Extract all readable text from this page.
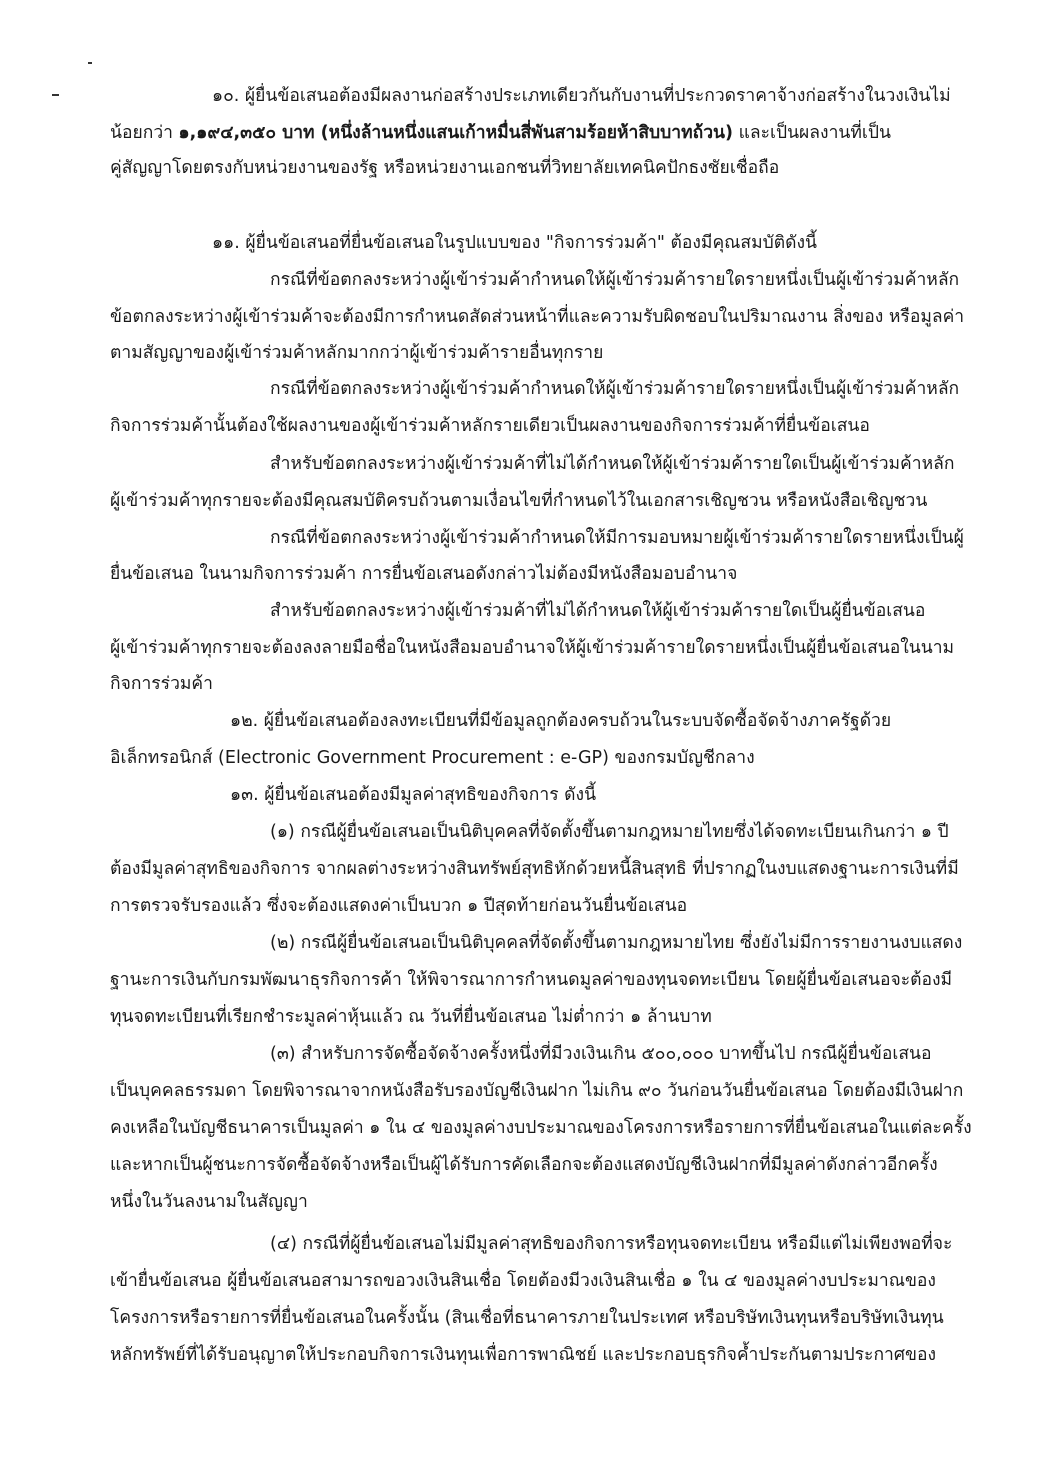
๑๐. ผู้ยื่นข้อเสนอต้องมีผลงานก่อสร้างประเภทเดียวกันกับงานที่ประกวดราคาจ้างก่อสร้างในวงเงินไม่
น้อยกว่า ๑,๑๙๔,๓๕๐ บาท (หนึ่งล้านหนึ่งแสนเก้าหมื่นสี่พันสามร้อยห้าสิบบาทถ้วน) และเป็นผลงานที่เป็น
คู่สัญญาโดยตรงกับหน่วยงานของรัฐ หรือหน่วยงานเอกชนที่วิทยาลัยเทคนิคปักธงชัยเชื่อถือ
๑๑. ผู้ยื่นข้อเสนอที่ยื่นข้อเสนอในรูปแบบของ "กิจการร่วมค้า" ต้องมีคุณสมบัติดังนี้
กรณีที่ข้อตกลงระหว่างผู้เข้าร่วมค้ากำหนดให้ผู้เข้าร่วมค้ารายใดรายหนึ่งเป็นผู้เข้าร่วมค้าหลัก
ข้อตกลงระหว่างผู้เข้าร่วมค้าจะต้องมีการกำหนดสัดส่วนหน้าที่และความรับผิดชอบในปริมาณงาน สิ่งของ หรือมูลค่า
ตามสัญญาของผู้เข้าร่วมค้าหลักมากกว่าผู้เข้าร่วมค้ารายอื่นทุกราย
กรณีที่ข้อตกลงระหว่างผู้เข้าร่วมค้ากำหนดให้ผู้เข้าร่วมค้ารายใดรายหนึ่งเป็นผู้เข้าร่วมค้าหลัก
กิจการร่วมค้านั้นต้องใช้ผลงานของผู้เข้าร่วมค้าหลักรายเดียวเป็นผลงานของกิจการร่วมค้าที่ยื่นข้อเสนอ
สำหรับข้อตกลงระหว่างผู้เข้าร่วมค้าที่ไม่ได้กำหนดให้ผู้เข้าร่วมค้ารายใดเป็นผู้เข้าร่วมค้าหลัก
ผู้เข้าร่วมค้าทุกรายจะต้องมีคุณสมบัติครบถ้วนตามเงื่อนไขที่กำหนดไว้ในเอกสารเชิญชวน หรือหนังสือเชิญชวน
กรณีที่ข้อตกลงระหว่างผู้เข้าร่วมค้ากำหนดให้มีการมอบหมายผู้เข้าร่วมค้ารายใดรายหนึ่งเป็นผู้
ยื่นข้อเสนอ ในนามกิจการร่วมค้า การยื่นข้อเสนอดังกล่าวไม่ต้องมีหนังสือมอบอำนาจ
สำหรับข้อตกลงระหว่างผู้เข้าร่วมค้าที่ไม่ได้กำหนดให้ผู้เข้าร่วมค้ารายใดเป็นผู้ยื่นข้อเสนอ
ผู้เข้าร่วมค้าทุกรายจะต้องลงลายมือชื่อในหนังสือมอบอำนาจให้ผู้เข้าร่วมค้ารายใดรายหนึ่งเป็นผู้ยื่นข้อเสนอในนาม
กิจการร่วมค้า
๑๒. ผู้ยื่นข้อเสนอต้องลงทะเบียนที่มีข้อมูลถูกต้องครบถ้วนในระบบจัดซื้อจัดจ้างภาครัฐด้วย
อิเล็กทรอนิกส์ (Electronic Government Procurement : e-GP) ของกรมบัญชีกลาง
๑๓. ผู้ยื่นข้อเสนอต้องมีมูลค่าสุทธิของกิจการ ดังนี้
(๑) กรณีผู้ยื่นข้อเสนอเป็นนิติบุคคลที่จัดตั้งขึ้นตามกฎหมายไทยซึ่งได้จดทะเบียนเกินกว่า ๑ ปี
ต้องมีมูลค่าสุทธิของกิจการ จากผลต่างระหว่างสินทรัพย์สุทธิหักด้วยหนี้สินสุทธิ ที่ปรากฏในงบแสดงฐานะการเงินที่มี
การตรวจรับรองแล้ว ซึ่งจะต้องแสดงค่าเป็นบวก ๑ ปีสุดท้ายก่อนวันยื่นข้อเสนอ
(๒) กรณีผู้ยื่นข้อเสนอเป็นนิติบุคคลที่จัดตั้งขึ้นตามกฎหมายไทย ซึ่งยังไม่มีการรายงานงบแสดง
ฐานะการเงินกับกรมพัฒนาธุรกิจการค้า ให้พิจารณาการกำหนดมูลค่าของทุนจดทะเบียน โดยผู้ยื่นข้อเสนอจะต้องมี
ทุนจดทะเบียนที่เรียกชำระมูลค่าหุ้นแล้ว ณ วันที่ยื่นข้อเสนอ ไม่ต่ำกว่า ๑ ล้านบาท
(๓) สำหรับการจัดซื้อจัดจ้างครั้งหนึ่งที่มีวงเงินเกิน ๕๐๐,๐๐๐ บาทขึ้นไป กรณีผู้ยื่นข้อเสนอ
เป็นบุคคลธรรมดา โดยพิจารณาจากหนังสือรับรองบัญชีเงินฝาก ไม่เกิน ๙๐ วันก่อนวันยื่นข้อเสนอ โดยต้องมีเงินฝาก
คงเหลือในบัญชีธนาคารเป็นมูลค่า ๑ ใน ๔ ของมูลค่างบประมาณของโครงการหรือรายการที่ยื่นข้อเสนอในแต่ละครั้ง
และหากเป็นผู้ชนะการจัดซื้อจัดจ้างหรือเป็นผู้ได้รับการคัดเลือกจะต้องแสดงบัญชีเงินฝากที่มีมูลค่าดังกล่าวอีกครั้ง
หนึ่งในวันลงนามในสัญญา
(๔) กรณีที่ผู้ยื่นข้อเสนอไม่มีมูลค่าสุทธิของกิจการหรือทุนจดทะเบียน หรือมีแต่ไม่เพียงพอที่จะ
เข้ายื่นข้อเสนอ ผู้ยื่นข้อเสนอสามารถขอวงเงินสินเชื่อ โดยต้องมีวงเงินสินเชื่อ ๑ ใน ๔ ของมูลค่างบประมาณของ
โครงการหรือรายการที่ยื่นข้อเสนอในครั้งนั้น (สินเชื่อที่ธนาคารภายในประเทศ หรือบริษัทเงินทุนหรือบริษัทเงินทุน
หลักทรัพย์ที่ได้รับอนุญาตให้ประกอบกิจการเงินทุนเพื่อการพาณิชย์ และประกอบธุรกิจค้ำประกันตามประกาศของ
